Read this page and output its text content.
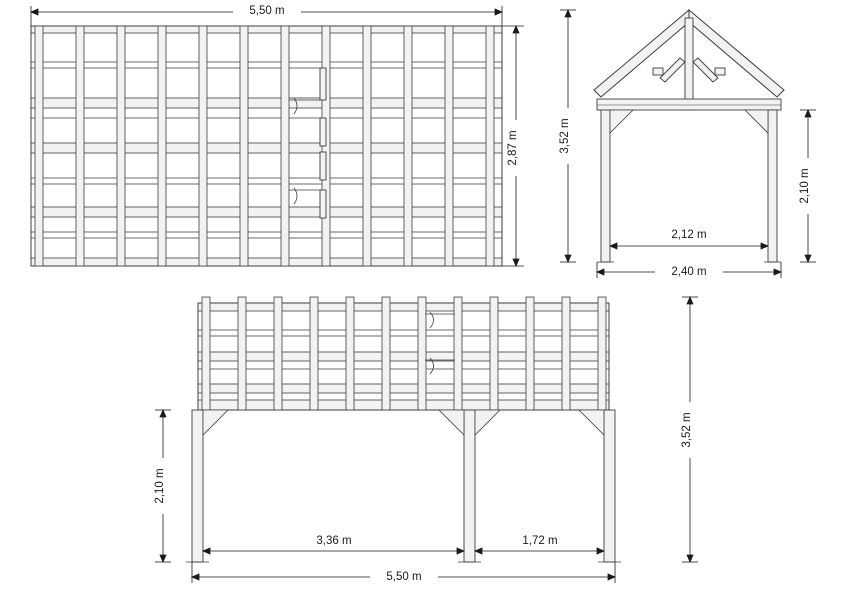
5,50 m
2,87 m	3,52 m
2,10 m
2,12 m
2,40 m
2,10 m
3,52 m
3,36 m	1,72 m
5,50 m
